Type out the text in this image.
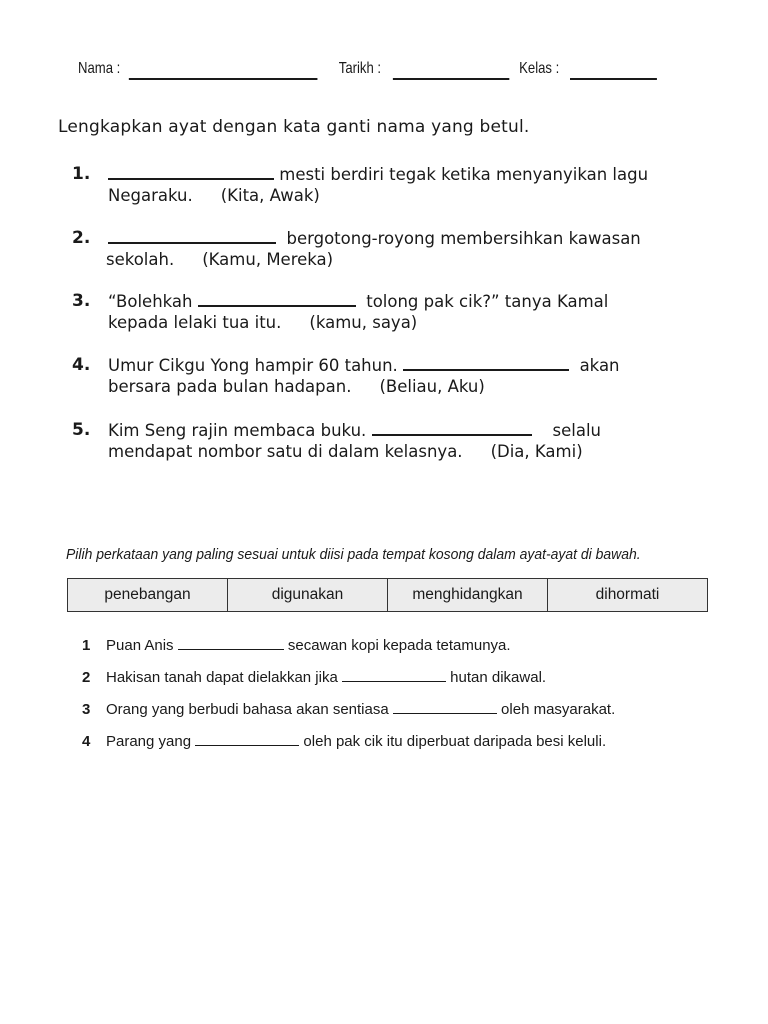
Nama :	Tarikh :	Kelas :
Lengkapkan ayat dengan kata ganti nama yang betul.
1.	mesti berdiri tegak ketika menyanyikan lagu
Negaraku. (Kita, Awak)
2.	bergotong-royong membersihkan kawasan
sekolah. (Kamu, Mereka)
3. “Bolehkah	tolong pak cik?” tanya Kamal
kepada lelaki tua itu. (kamu, saya)
4. Umur Cikgu Yong hampir 60 tahun.	akan
bersara pada bulan hadapan. (Beliau, Aku)
5. Kim Seng rajin membaca buku.	selalu
mendapat nombor satu di dalam kelasnya. (Dia, Kami)
Pilih perkataan yang paling sesuai untuk diisi pada tempat kosong dalam ayat-ayat di bawah.
penebangan	digunakan	menghidangkan	dihormati
1 Puan Anis	secawan kopi kepada tetamunya.
2 Hakisan tanah dapat dielakkan jika	hutan dikawal.
3 Orang yang berbudi bahasa akan sentiasa	oleh masyarakat.
4 Parang yang	oleh pak cik itu diperbuat daripada besi keluli.
